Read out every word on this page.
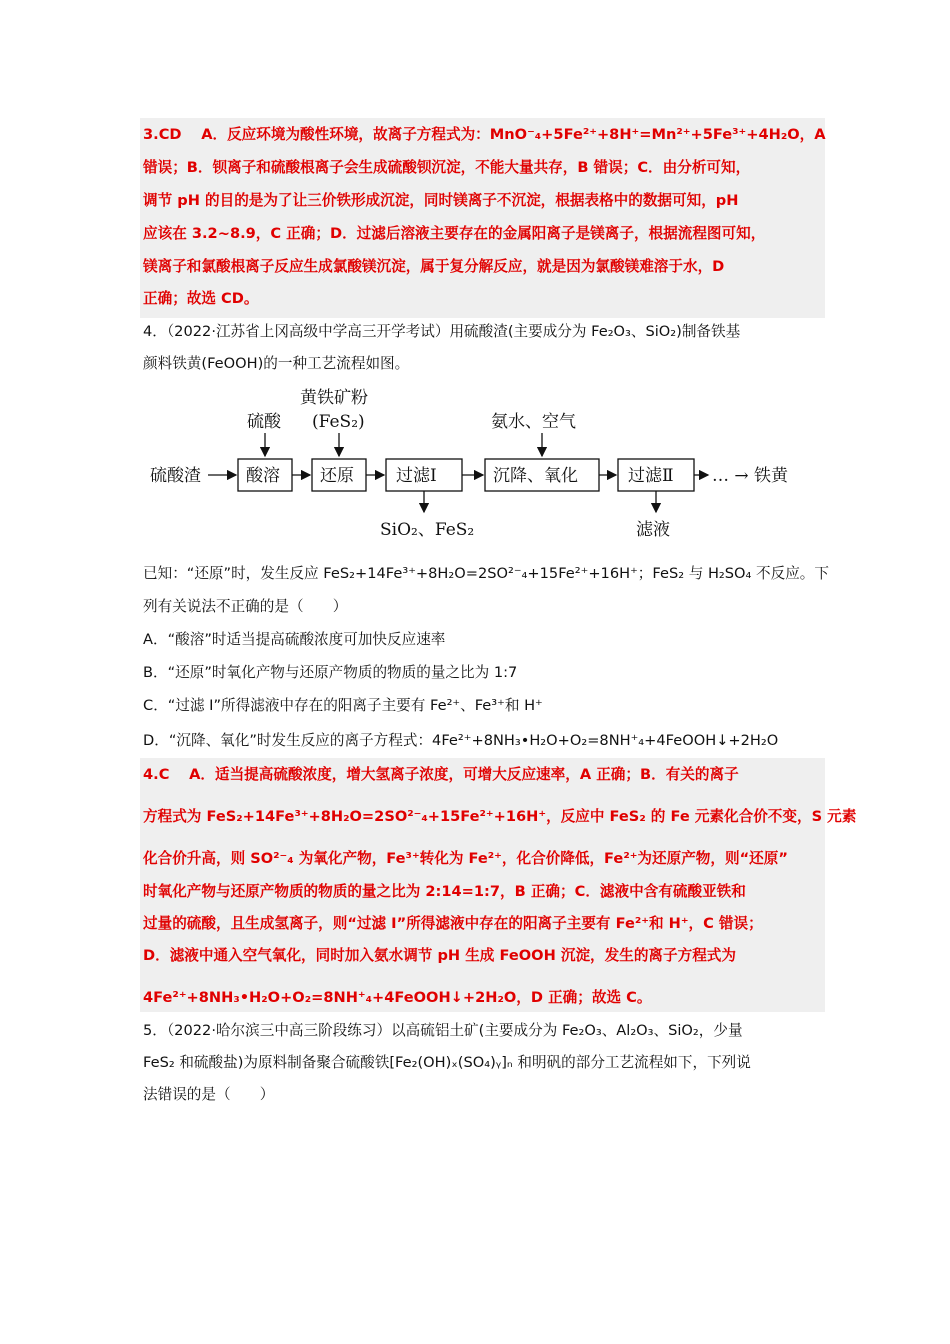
3.CD　 A．反应环境为酸性环境，故离子方程式为：MnO⁻₄+5Fe²⁺+8H⁺=Mn²⁺+5Fe³⁺+4H₂O，A
错误；B．钡离子和硫酸根离子会生成硫酸钡沉淀，不能大量共存，B 错误；C．由分析可知，
调节 pH 的目的是为了让三价铁形成沉淀，同时镁离子不沉淀，根据表格中的数据可知，pH
应该在 3.2~8.9，C 正确；D．过滤后溶液主要存在的金属阳离子是镁离子，根据流程图可知，
镁离子和氯酸根离子反应生成氯酸镁沉淀，属于复分解反应，就是因为氯酸镁难溶于水，D
正确；故选 CD。
4．（2022·江苏省上冈高级中学高三开学考试）用硫酸渣(主要成分为 Fe₂O₃、SiO₂)制备铁基
颜料铁黄(FeOOH)的一种工艺流程如图。
硫酸渣	酸溶 还原 过滤Ⅰ	沉降、氧化	过滤Ⅱ … → 铁黄
硫酸
黄铁矿粉
(FeS₂)	氨水、空气
SiO₂、FeS₂	滤液
已知：“还原”时，发生反应 FeS₂+14Fe³⁺+8H₂O=2SO²⁻₄+15Fe²⁺+16H⁺；FeS₂ 与 H₂SO₄ 不反应。下
列有关说法不正确的是（　　）
A．“酸溶”时适当提高硫酸浓度可加快反应速率
B．“还原”时氧化产物与还原产物质的物质的量之比为 1:7
C．“过滤 I”所得滤液中存在的阳离子主要有 Fe²⁺、Fe³⁺和 H⁺
D．“沉降、氧化”时发生反应的离子方程式：4Fe²⁺+8NH₃•H₂O+O₂=8NH⁺₄+4FeOOH↓+2H₂O
4.C　 A．适当提高硫酸浓度，增大氢离子浓度，可增大反应速率，A 正确；B．有关的离子
方程式为 FeS₂+14Fe³⁺+8H₂O=2SO²⁻₄+15Fe²⁺+16H⁺，反应中 FeS₂ 的 Fe 元素化合价不变，S 元素
化合价升高，则 SO²⁻₄ 为氧化产物，Fe³⁺转化为 Fe²⁺，化合价降低，Fe²⁺为还原产物，则“还原”
时氧化产物与还原产物质的物质的量之比为 2:14=1:7，B 正确；C．滤液中含有硫酸亚铁和
过量的硫酸，且生成氢离子，则“过滤 I”所得滤液中存在的阳离子主要有 Fe²⁺和 H⁺，C 错误；
D．滤液中通入空气氧化，同时加入氨水调节 pH 生成 FeOOH 沉淀，发生的离子方程式为
4Fe²⁺+8NH₃•H₂O+O₂=8NH⁺₄+4FeOOH↓+2H₂O，D 正确；故选 C。
5．（2022·哈尔滨三中高三阶段练习）以高硫铝土矿(主要成分为 Fe₂O₃、Al₂O₃、SiO₂，少量
FeS₂ 和硫酸盐)为原料制备聚合硫酸铁[Fe₂(OH)ₓ(SO₄)ᵧ]ₙ 和明矾的部分工艺流程如下，下列说
法错误的是（　　）
